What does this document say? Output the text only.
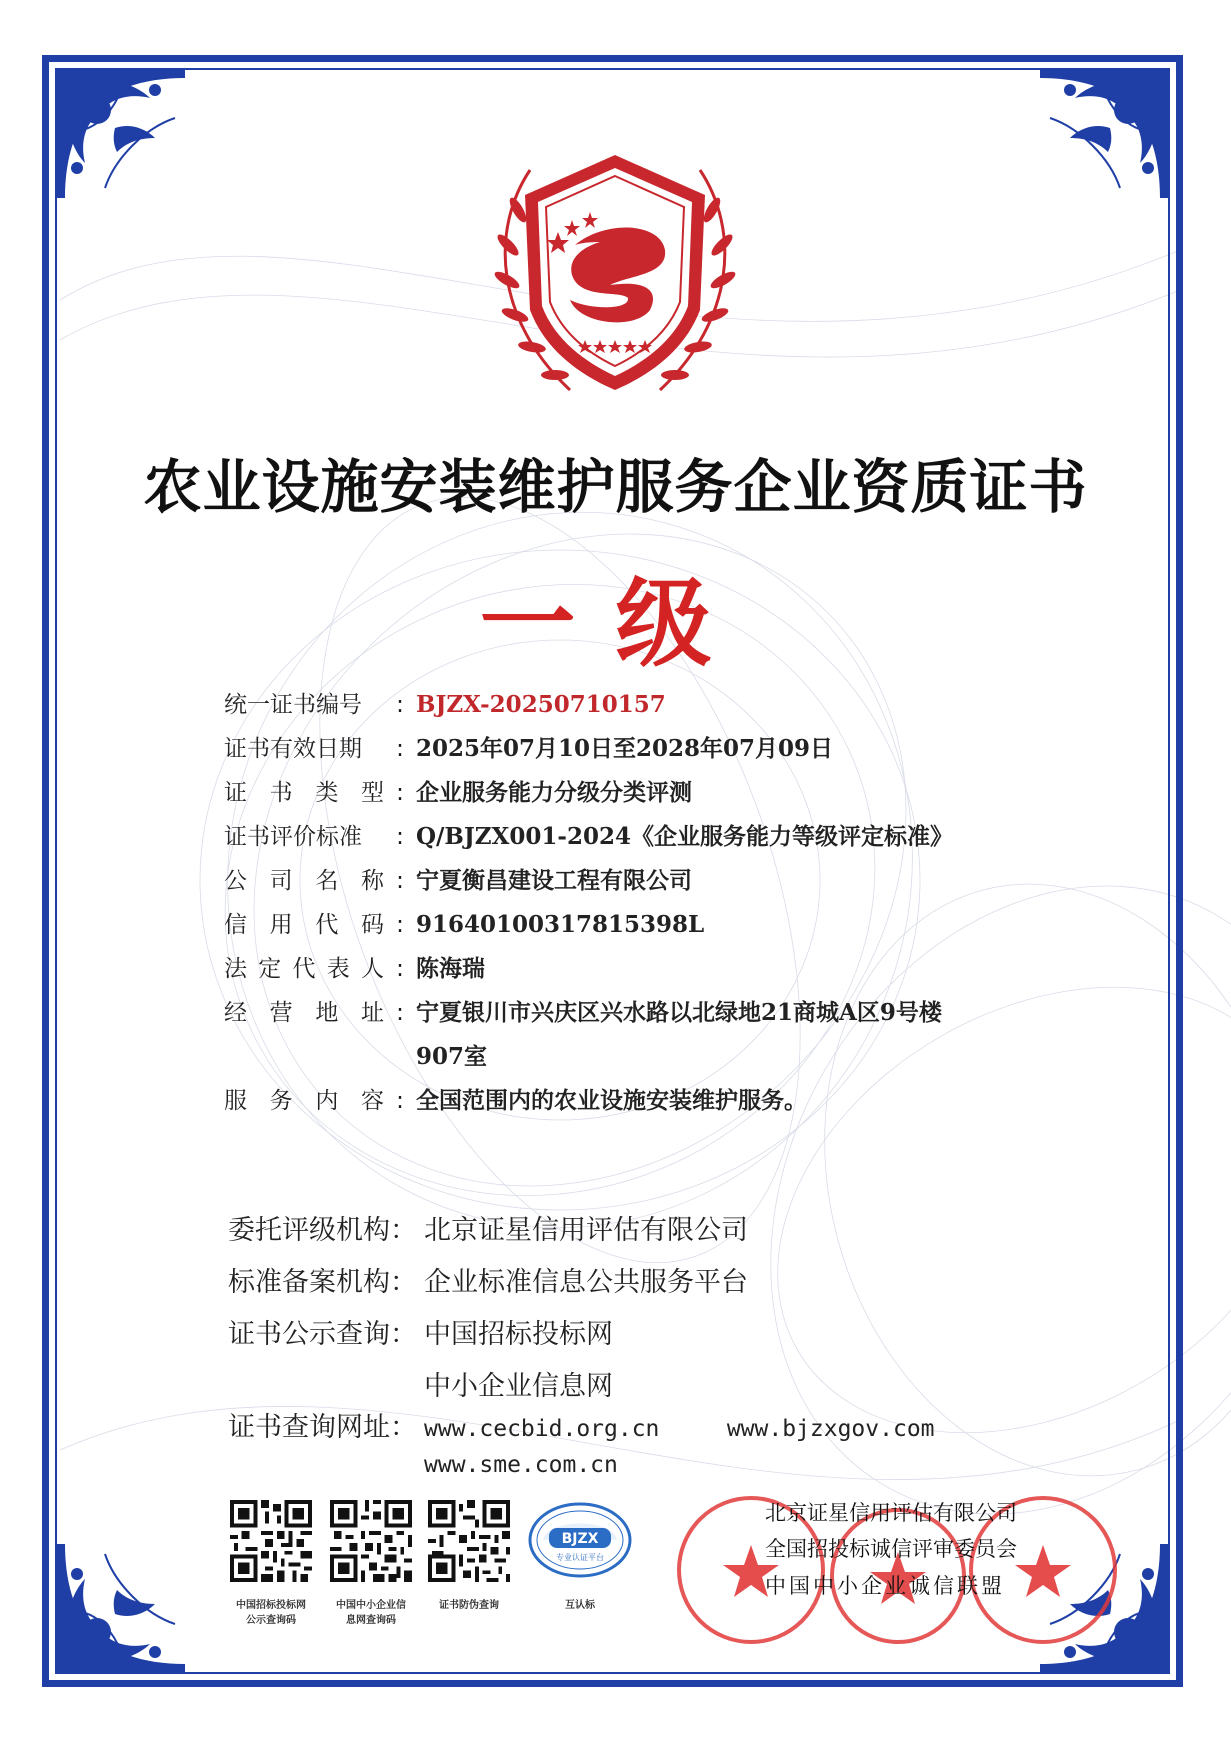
农业设施安装维护服务企业资质证书
一级
统一证书编号	: BJZX-20250710157
证书有效日期	: 2025年07月10日至2028年07月09日
证 书 类 型 : 企业服务能力分级分类评测
证书评价标准	: Q/BJZX001-2024《企业服务能力等级评定标准》
公 司 名 称 : 宁夏衡昌建设工程有限公司
信 用 代 码 : 91640100317815398L
法 定 代 表 人 : 陈海瑞
经 营 地 址 : 宁夏银川市兴庆区兴水路以北绿地21商城A区9号楼
907室
服 务 内 容 : 全国范围内的农业设施安装维护服务。
委托评级机构： 北京证星信用评估有限公司
标准备案机构： 企业标准信息公共服务平台
证书公示查询： 中国招标投标网
中小企业信息网
证书查询网址： www.cecbid.org.cn	www.bjzxgov.com
www.sme.com.cn
中国招标投标网
公示查询码
中国中小企业信
息网查询码
证书防伪查询
BJZX
专业认证平台
互认标
北京证星信用评估有限公司
全国招投标诚信评审委员会
中国中小企业诚信联盟
